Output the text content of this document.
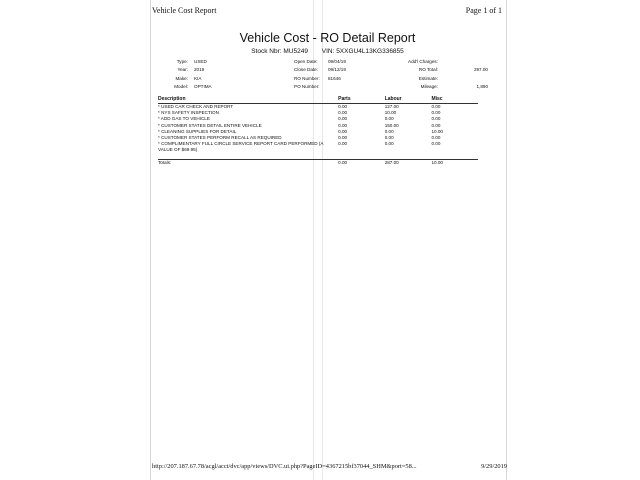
Vehicle Cost Report	Page 1 of 1
Vehicle Cost - RO Detail Report
Stock Nbr: MU5249 VIN: 5XXGU4L13KG336855
Type:	USED
Year:	2019
Make:	KIA
Model:	OPTIMA
Open Date:	09/04/19
Close Date:	09/12/19
RO Number:	81646
PO Number:
Add'l Charges:
RO Total:	297.00
Estimate:
Mileage:	1,890
Description	Parts	Labour	Misc
* USED CAR CHECK AND REPORT	0.00	127.00	0.00
* NYS SAFETY INSPECTION	0.00	10.00	0.00
* ADD GAS TO VEHICLE	0.00	0.00	0.00
* CUSTOMER STATES DETAIL ENTIRE VEHICLE	0.00	150.00	0.00
* CLEANING SUPPLIES FOR DETAIL	0.00	0.00	10.00
* CUSTOMER STATES PERFORM RECALL AS REQUIRED	0.00	0.00	0.00
* COMPLIMENTARY FULL CIRCLE SERVICE REPORT CARD PERFORMED (A VALUE OF $69.95)	0.00	0.00	0.00

Totals:	0.00	287.00	10.00
http://207.187.67.78/acgl/acct/dvc/app/views/DVC.ui.php?PageID=4367215bf37044_SHM&port=58...	9/29/2019
